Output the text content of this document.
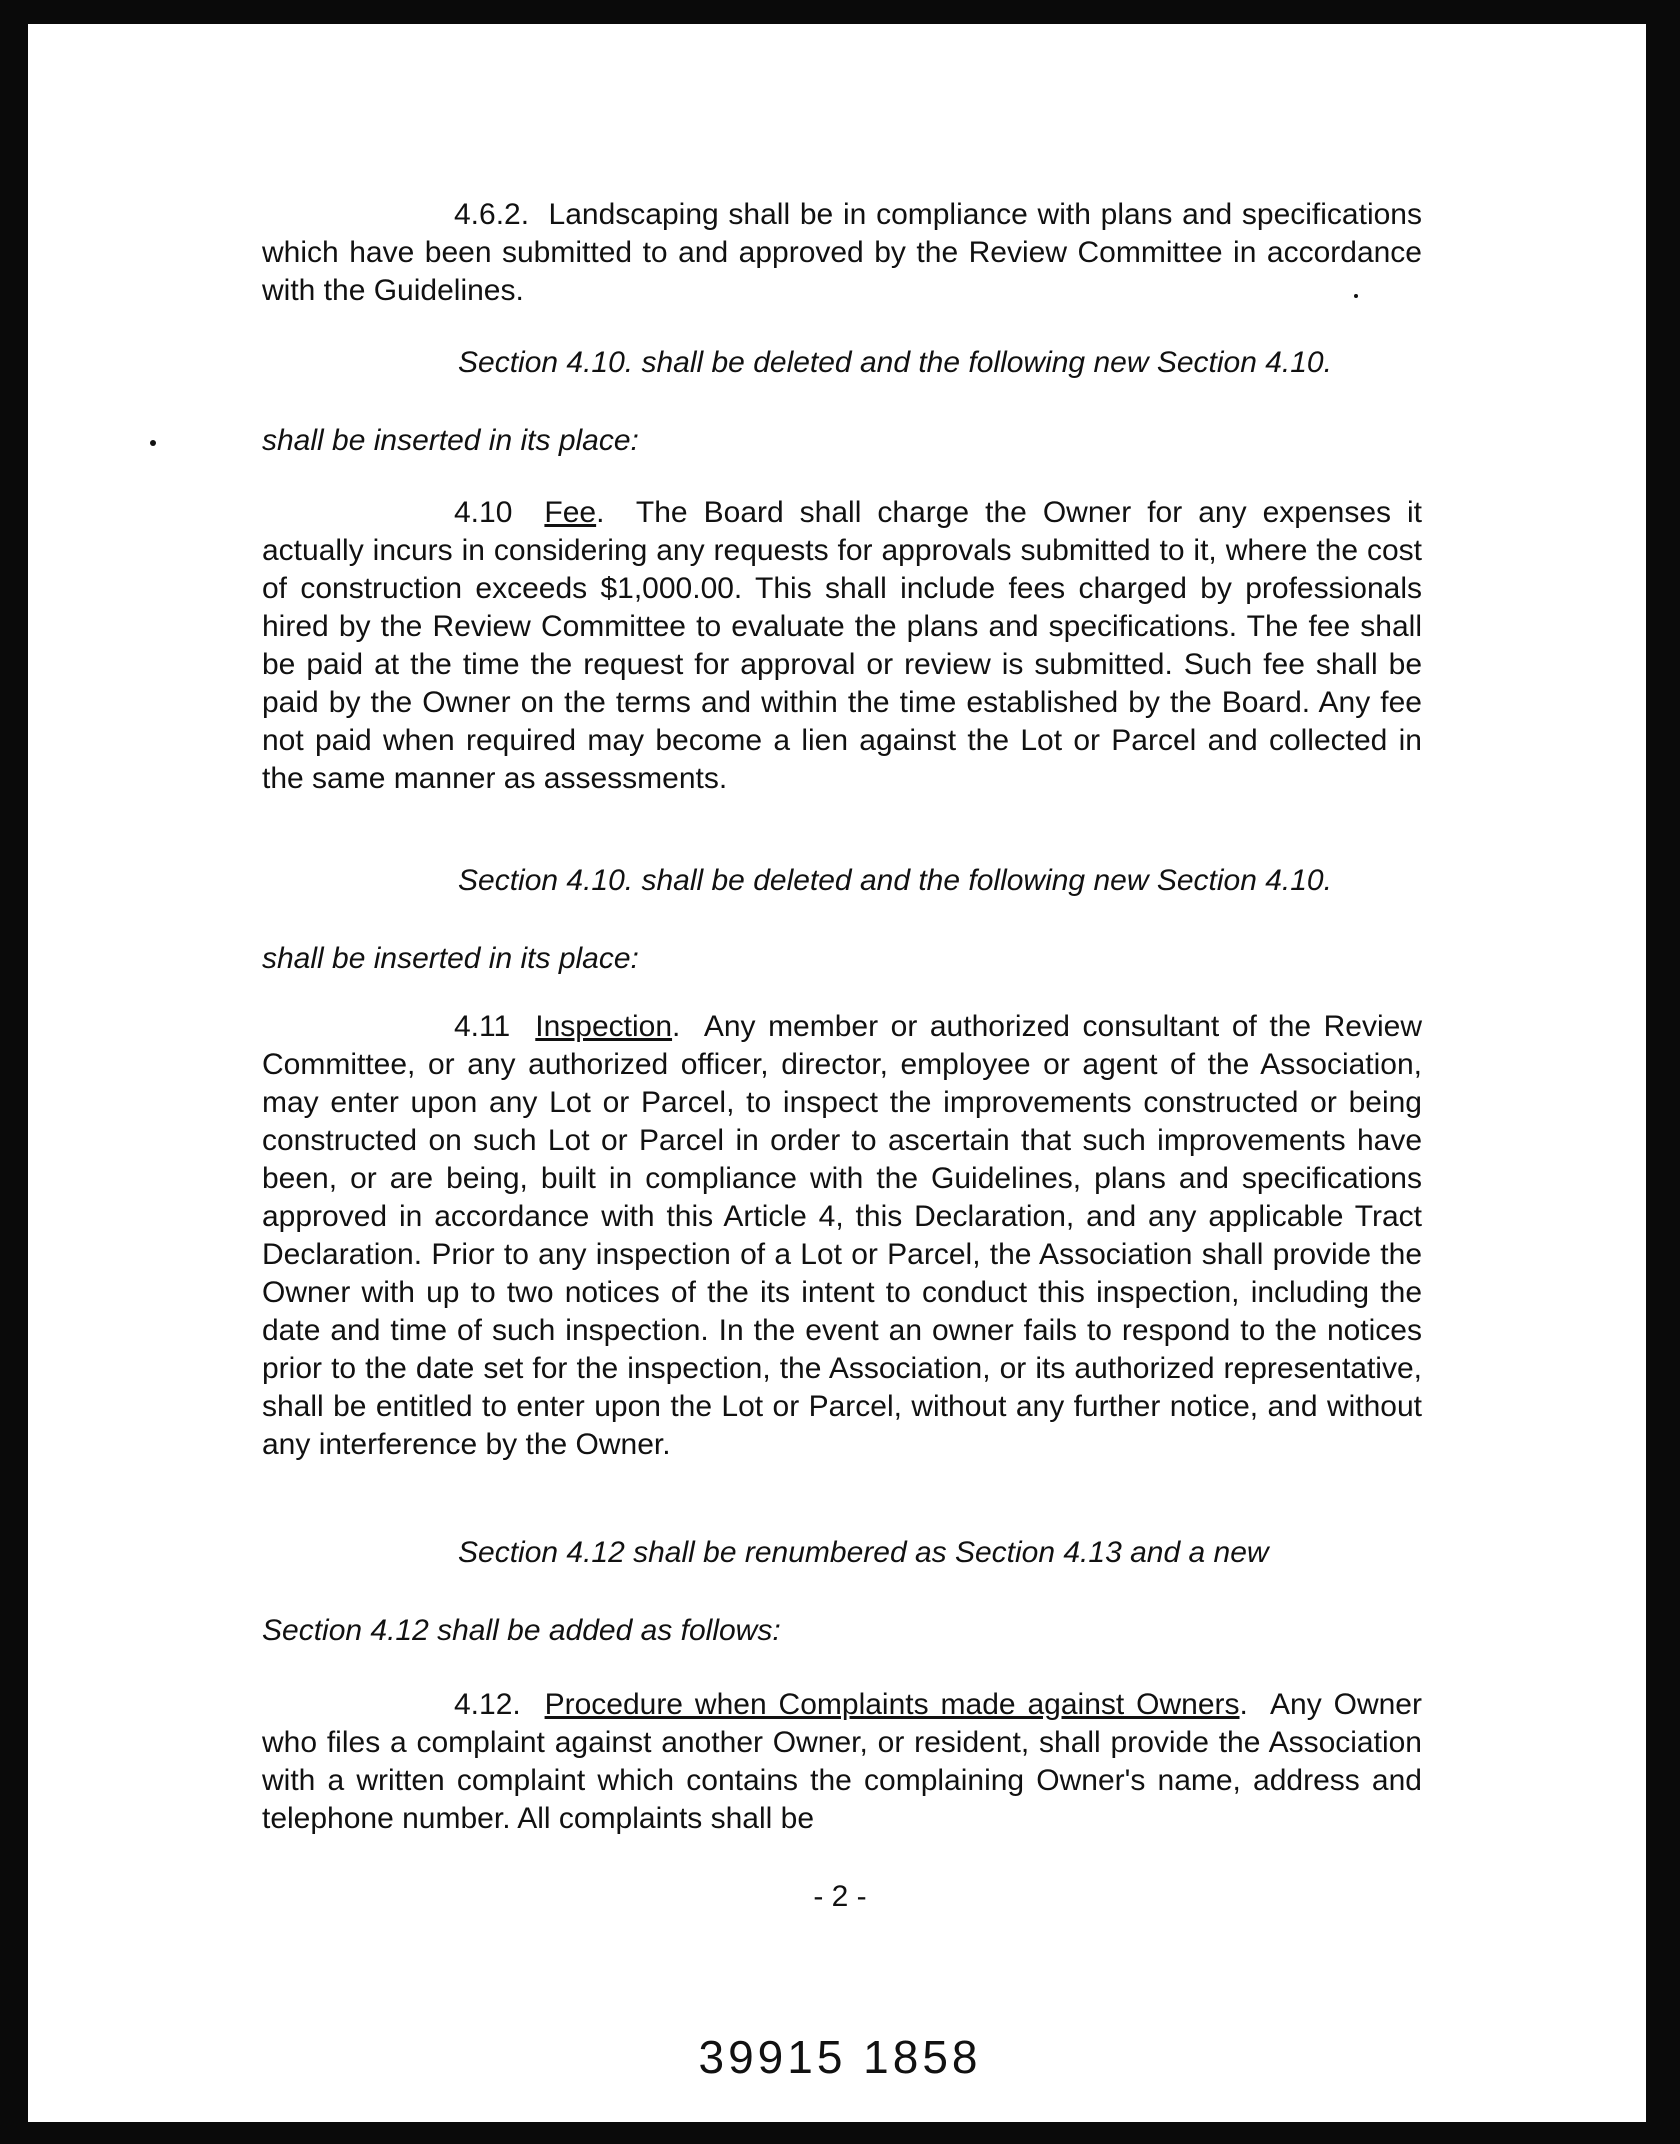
4.6.2. Landscaping shall be in compliance with plans and specifications which have been submitted to and approved by the Review Committee in accordance with the Guidelines.

Section 4.10. shall be deleted and the following new Section 4.10.
shall be inserted in its place:

4.10 Fee.  The Board shall charge the Owner for any expenses it actually incurs in considering any requests for approvals submitted to it, where the cost of construction exceeds $1,000.00. This shall include fees charged by professionals hired by the Review Committee to evaluate the plans and specifications. The fee shall be paid at the time the request for approval or review is submitted. Such fee shall be paid by the Owner on the terms and within the time established by the Board. Any fee not paid when required may become a lien against the Lot or Parcel and collected in the same manner as assessments.

Section 4.10. shall be deleted and the following new Section 4.10.
shall be inserted in its place:

4.11 Inspection.  Any member or authorized consultant of the Review Committee, or any authorized officer, director, employee or agent of the Association, may enter upon any Lot or Parcel, to inspect the improvements constructed or being constructed on such Lot or Parcel in order to ascertain that such improvements have been, or are being, built in compliance with the Guidelines, plans and specifications approved in accordance with this Article 4, this Declaration, and any applicable Tract Declaration. Prior to any inspection of a Lot or Parcel, the Association shall provide the Owner with up to two notices of the its intent to conduct this inspection, including the date and time of such inspection. In the event an owner fails to respond to the notices prior to the date set for the inspection, the Association, or its authorized representative, shall be entitled to enter upon the Lot or Parcel, without any further notice, and without any interference by the Owner.

Section 4.12 shall be renumbered as Section 4.13 and a new
Section 4.12 shall be added as follows:

4.12. Procedure when Complaints made against Owners.  Any Owner who files a complaint against another Owner, or resident, shall provide the Association with a written complaint which contains the complaining Owner's name, address and telephone number. All complaints shall be

- 2 -
39915 1858
